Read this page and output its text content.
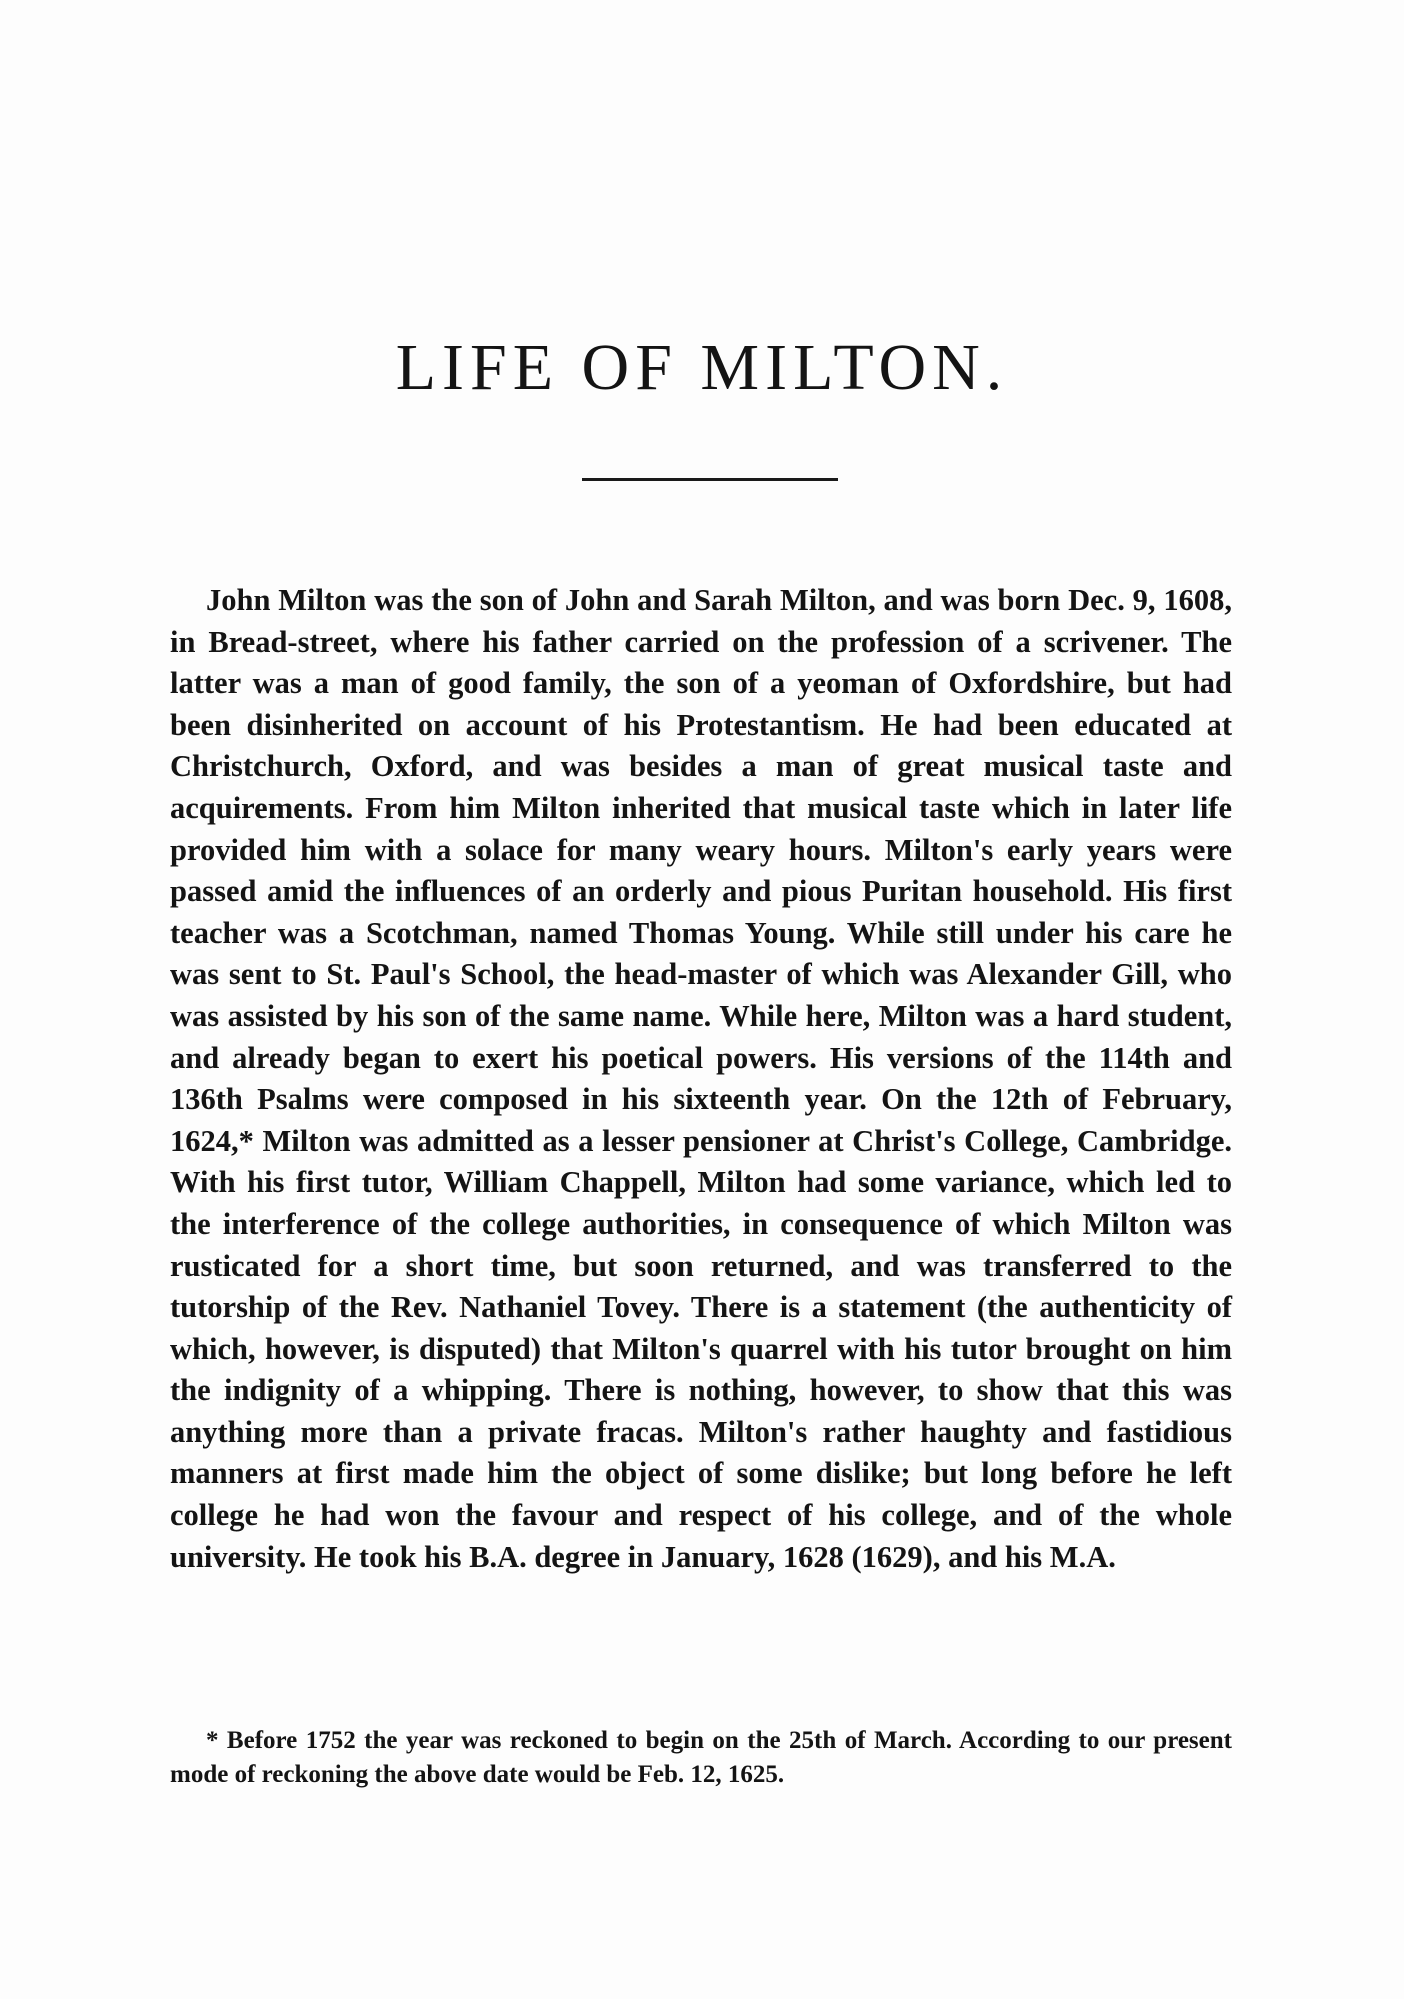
LIFE OF MILTON.

John Milton was the son of John and Sarah Milton, and was born Dec. 9, 1608, in Bread-street, where his father carried on the profession of a scrivener. The latter was a man of good family, the son of a yeoman of Oxfordshire, but had been disinherited on account of his Protestantism. He had been educated at Christchurch, Oxford, and was besides a man of great musical taste and acquirements. From him Milton inherited that musical taste which in later life provided him with a solace for many weary hours. Milton's early years were passed amid the influences of an orderly and pious Puritan household. His first teacher was a Scotchman, named Thomas Young. While still under his care he was sent to St. Paul's School, the head-master of which was Alexander Gill, who was assisted by his son of the same name. While here, Milton was a hard student, and already began to exert his poetical powers. His versions of the 114th and 136th Psalms were composed in his sixteenth year. On the 12th of February, 1624,* Milton was admitted as a lesser pensioner at Christ's College, Cambridge. With his first tutor, William Chappell, Milton had some variance, which led to the interference of the college authorities, in consequence of which Milton was rusticated for a short time, but soon returned, and was transferred to the tutorship of the Rev. Nathaniel Tovey. There is a statement (the authenticity of which, however, is disputed) that Milton's quarrel with his tutor brought on him the indignity of a whipping. There is nothing, however, to show that this was anything more than a private fracas. Milton's rather haughty and fastidious manners at first made him the object of some dislike; but long before he left college he had won the favour and respect of his college, and of the whole university. He took his B.A. degree in January, 1628 (1629), and his M.A.

* Before 1752 the year was reckoned to begin on the 25th of March. According to our present mode of reckoning the above date would be Feb. 12, 1625.
